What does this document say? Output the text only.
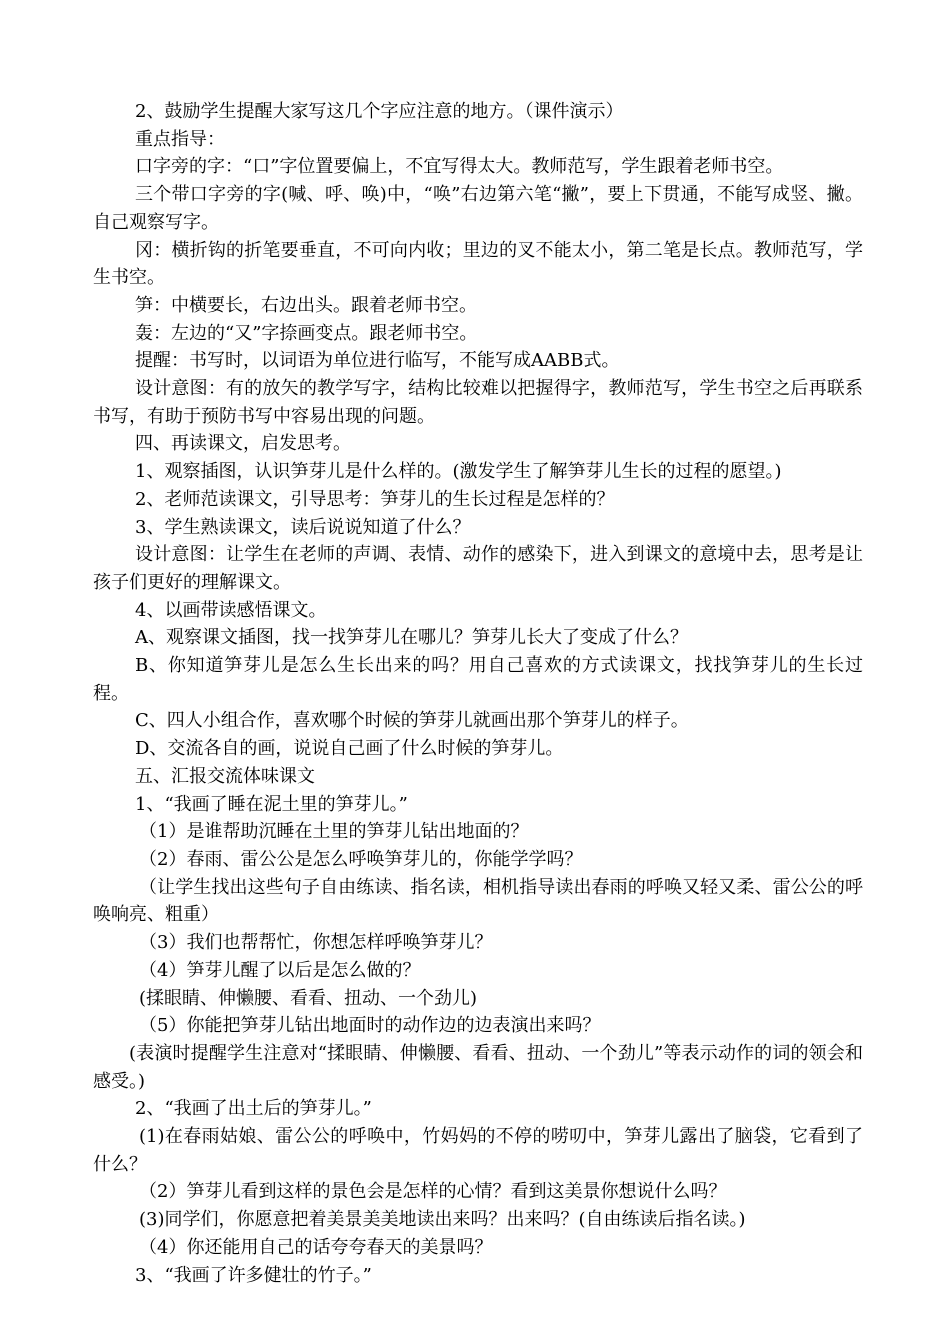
2、鼓励学生提醒大家写这几个字应注意的地方。（课件演示）

重点指导：

口字旁的字：“口”字位置要偏上，不宜写得太大。教师范写，学生跟着老师书空。

三个带口字旁的字(喊、呼、唤)中，“唤”右边第六笔“撇”，要上下贯通，不能写成竖、撇。自己观察写字。

冈：横折钩的折笔要垂直，不可向内收；里边的叉不能太小，第二笔是长点。教师范写，学生书空。

笋：中横要长，右边出头。跟着老师书空。

轰：左边的“又”字捺画变点。跟老师书空。

提醒：书写时，以词语为单位进行临写，不能写成AABB式。

设计意图：有的放矢的教学写字，结构比较难以把握得字，教师范写，学生书空之后再联系书写，有助于预防书写中容易出现的问题。

四、再读课文，启发思考。

1、观察插图，认识笋芽儿是什么样的。(激发学生了解笋芽儿生长的过程的愿望。)

2、老师范读课文，引导思考：笋芽儿的生长过程是怎样的？

3、学生熟读课文，读后说说知道了什么？

设计意图：让学生在老师的声调、表情、动作的感染下，进入到课文的意境中去，思考是让孩子们更好的理解课文。

4、以画带读感悟课文。

A、观察课文插图，找一找笋芽儿在哪儿？笋芽儿长大了变成了什么？

B、你知道笋芽儿是怎么生长出来的吗？用自己喜欢的方式读课文，找找笋芽儿的生长过程。

C、四人小组合作，喜欢哪个时候的笋芽儿就画出那个笋芽儿的样子。

D、交流各自的画，说说自己画了什么时候的笋芽儿。

五、汇报交流体味课文

1、“我画了睡在泥土里的笋芽儿。”

（1）是谁帮助沉睡在土里的笋芽儿钻出地面的？

（2）春雨、雷公公是怎么呼唤笋芽儿的，你能学学吗？

（让学生找出这些句子自由练读、指名读，相机指导读出春雨的呼唤又轻又柔、雷公公的呼唤响亮、粗重）

（3）我们也帮帮忙，你想怎样呼唤笋芽儿？

（4）笋芽儿醒了以后是怎么做的？

(揉眼睛、伸懒腰、看看、扭动、一个劲儿)

（5）你能把笋芽儿钻出地面时的动作边的边表演出来吗？

(表演时提醒学生注意对“揉眼睛、伸懒腰、看看、扭动、一个劲儿”等表示动作的词的领会和感受。)

2、“我画了出土后的笋芽儿。”

(1)在春雨姑娘、雷公公的呼唤中，竹妈妈的不停的唠叨中，笋芽儿露出了脑袋，它看到了什么？

（2）笋芽儿看到这样的景色会是怎样的心情？看到这美景你想说什么吗？

(3)同学们，你愿意把着美景美美地读出来吗？出来吗？(自由练读后指名读。)

（4）你还能用自己的话夸夸春天的美景吗？

3、“我画了许多健壮的竹子。”
